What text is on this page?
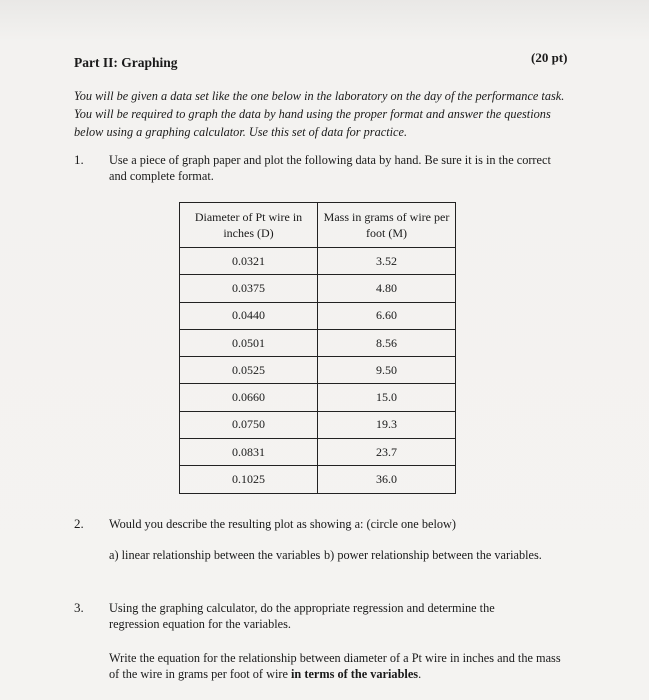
Part II: Graphing	(20 pt)
You will be given a data set like the one below in the laboratory on the day of the performance task. You will be required to graph the data by hand using the proper format and answer the questions below using a graphing calculator. Use this set of data for practice.
1. Use a piece of graph paper and plot the following data by hand. Be sure it is in the correct and complete format.
Diameter of Pt wire in inches (D)	Mass in grams of wire per foot (M)
0.0321	3.52
0.0375	4.80
0.0440	6.60
0.0501	8.56
0.0525	9.50
0.0660	15.0
0.0750	19.3
0.0831	23.7
0.1025	36.0
2. Would you describe the resulting plot as showing a: (circle one below)
a) linear relationship between the variables b) power relationship between the variables.
3. Using the graphing calculator, do the appropriate regression and determine the regression equation for the variables.
Write the equation for the relationship between diameter of a Pt wire in inches and the mass of the wire in grams per foot of wire in terms of the variables.
